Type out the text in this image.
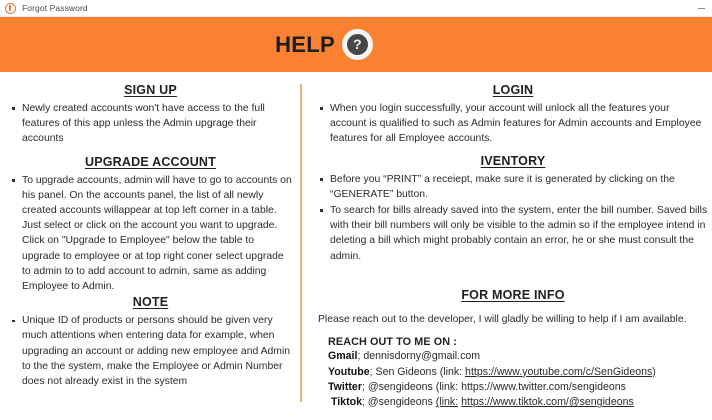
Forgot Password
HELP	?
SIGN UP
Newly created accounts won't have access to the full features of this app unless the Admin upgrage their accounts
UPGRADE ACCOUNT
To upgrade accounts, admin will have to go to accounts on his panel. On the accounts panel, the list of all newly created accounts willappear at top left corner in a table. Just select or click on the account you want to upgrade. Click on "Upgrade to Employee" below the table to upgrade to employee or at top right coner select upgrade to admin to to add account to admin, same as adding Employee to Admin.
NOTE
Unique ID of products or persons should be given very much attentions when entering data for example, when upgrading an account or adding new employee and Admin to the the system, make the Employee or Admin Number does not already exist in the system
LOGIN
When you login successfully, your account will unlock all the features your account is qualified to such as Admin features for Admin accounts and Employee features for all Employee accounts.
IVENTORY
Before you “PRINT” a receiept, make sure it is generated by clicking on the “GENERATE” button.
To search for bills already saved into the system, enter the bill number. Saved bills with their bill numbers will only be visible to the admin so if the employee intend in deleting a bill which might probably contain an error, he or she must consult the admin.
FOR MORE INFO
Please reach out to the developer, I will gladly be willing to help if I am available.
REACH OUT TO ME ON :
Gmail; dennisdorny@gmail.com
Youtube; Sen Gideons (link: https://www.youtube.com/c/SenGideons)
Twitter; @sengideons (link: https://www.twitter.com/sengideons
Tiktok; @sengideons (link: https://www.tiktok.com/@sengideons
